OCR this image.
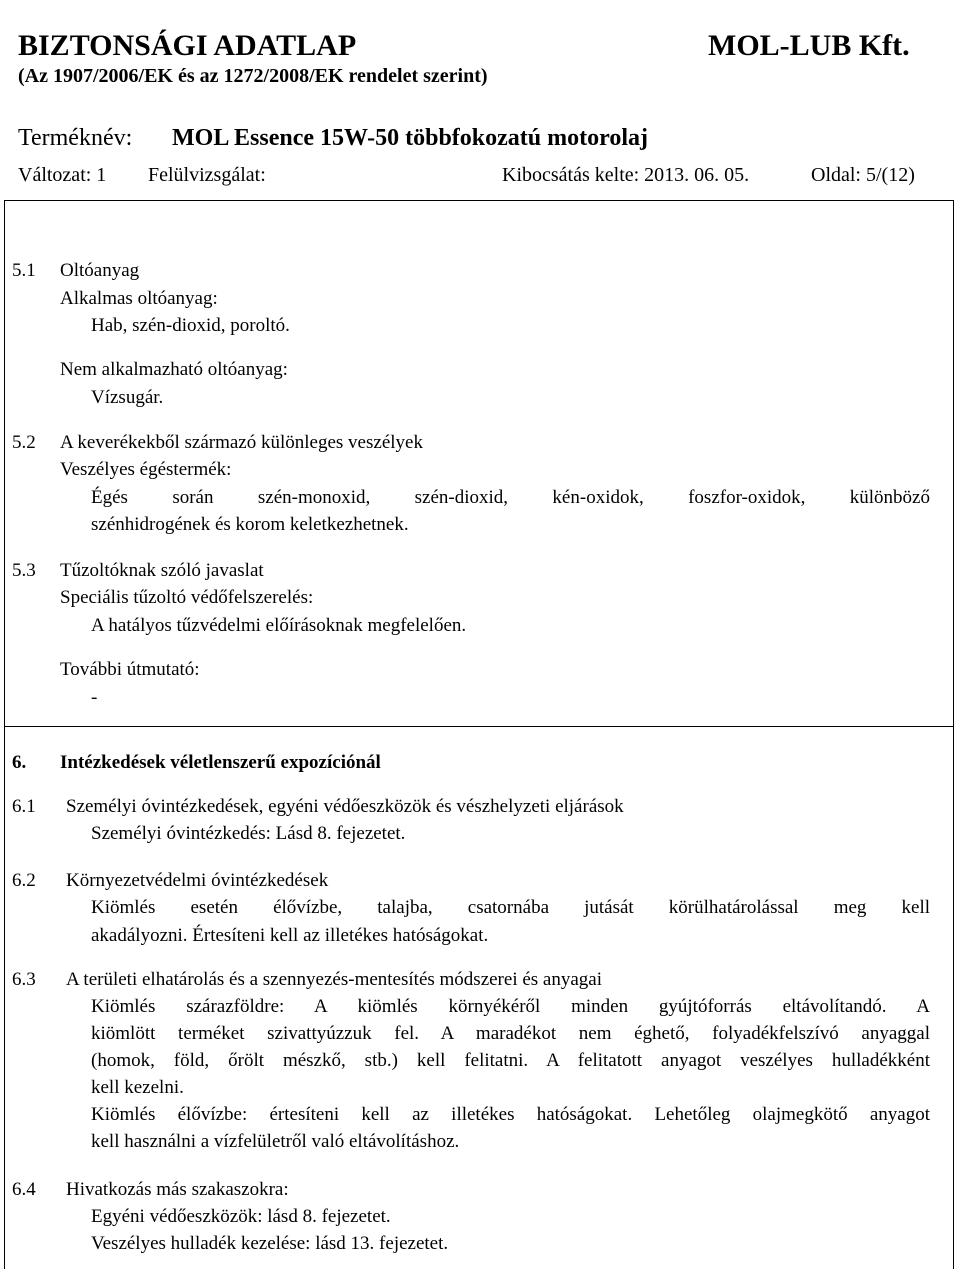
BIZTONSÁGI ADATLAP	MOL-LUB Kft.
(Az 1907/2006/EK és az 1272/2008/EK rendelet szerint)
Terméknév: MOL Essence 15W-50 többfokozatú motorolaj
Változat: 1 Felülvizsgálat:	Kibocsátás kelte: 2013. 06. 05.	Oldal: 5/(12)
5.1 Oltóanyag
Alkalmas oltóanyag:
Hab, szén-dioxid, poroltó.
Nem alkalmazható oltóanyag:
Vízsugár.
5.2 A keverékekből származó különleges veszélyek
Veszélyes égéstermék:
Égés során szén-monoxid, szén-dioxid, kén-oxidok, foszfor-oxidok, különböző
szénhidrogének és korom keletkezhetnek.
5.3 Tűzoltóknak szóló javaslat
Speciális tűzoltó védőfelszerelés:
A hatályos tűzvédelmi előírásoknak megfelelően.
További útmutató:
-
6. Intézkedések véletlenszerű expozíciónál
6.1 Személyi óvintézkedések, egyéni védőeszközök és vészhelyzeti eljárások
Személyi óvintézkedés: Lásd 8. fejezetet.
6.2 Környezetvédelmi óvintézkedések
Kiömlés esetén élővízbe, talajba, csatornába jutását körülhatárolással meg kell
akadályozni. Értesíteni kell az illetékes hatóságokat.
6.3 A területi elhatárolás és a szennyezés-mentesítés módszerei és anyagai
Kiömlés szárazföldre: A kiömlés környékéről minden gyújtóforrás eltávolítandó. A
kiömlött terméket szivattyúzzuk fel. A maradékot nem éghető, folyadékfelszívó anyaggal
(homok, föld, őrölt mészkő, stb.) kell felitatni. A felitatott anyagot veszélyes hulladékként
kell kezelni.
Kiömlés élővízbe: értesíteni kell az illetékes hatóságokat. Lehetőleg olajmegkötő anyagot
kell használni a vízfelületről való eltávolításhoz.
6.4 Hivatkozás más szakaszokra:
Egyéni védőeszközök: lásd 8. fejezetet.
Veszélyes hulladék kezelése: lásd 13. fejezetet.
